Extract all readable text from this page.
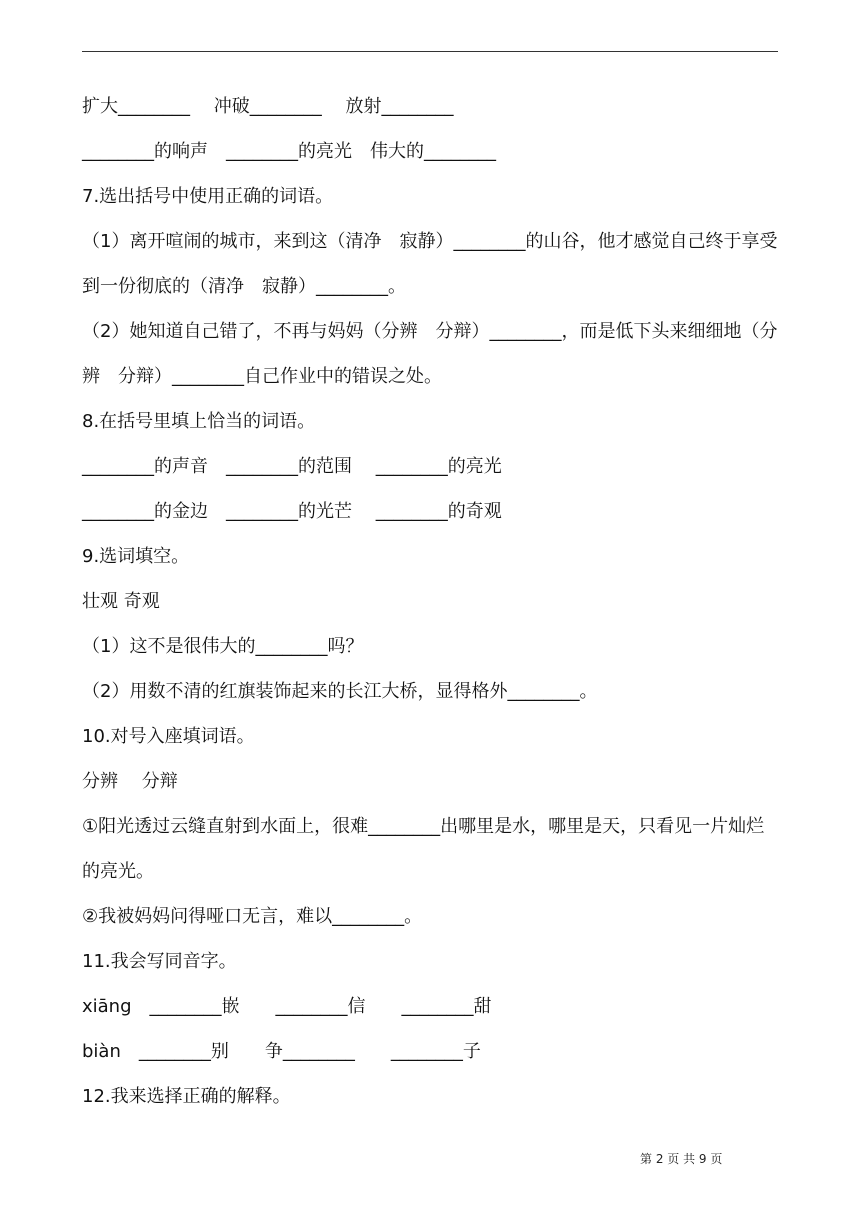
扩大________　 冲破________　 放射________
________的响声　________的亮光　伟大的________
7.选出括号中使用正确的词语。
（1）离开喧闹的城市，来到这（清净　寂静）________的山谷，他才感觉自己终于享受到一份彻底的（清净　寂静）________。
（2）她知道自己错了，不再与妈妈（分辨　分辩）________，而是低下头来细细地（分辨　分辩）________自己作业中的错误之处。
8.在括号里填上恰当的词语。
________的声音　________的范围　 ________的亮光
________的金边　________的光芒　 ________的奇观
9.选词填空。
壮观 奇观
（1）这不是很伟大的________吗？
（2）用数不清的红旗装饰起来的长江大桥，显得格外________。
10.对号入座填词语。
分辨　 分辩
①阳光透过云缝直射到水面上，很难________出哪里是水，哪里是天，只看见一片灿烂的亮光。
②我被妈妈问得哑口无言，难以________。
11.我会写同音字。
xiāng　________嵌　　________信　　________甜
biàn　________别　　争________　　________子
12.我来选择正确的解释。
第 2 页 共 9 页
